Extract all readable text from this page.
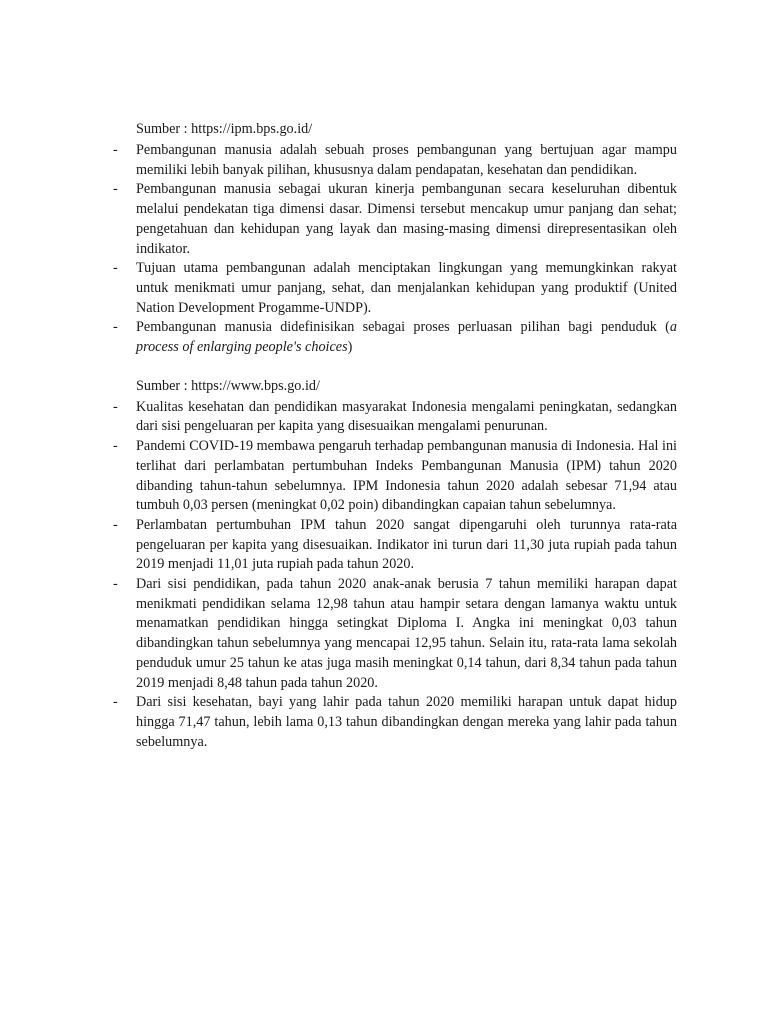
Sumber : https://ipm.bps.go.id/
- Pembangunan manusia adalah sebuah proses pembangunan yang bertujuan agar mampu memiliki lebih banyak pilihan, khususnya dalam pendapatan, kesehatan dan pendidikan.
- Pembangunan manusia sebagai ukuran kinerja pembangunan secara keseluruhan dibentuk melalui pendekatan tiga dimensi dasar. Dimensi tersebut mencakup umur panjang dan sehat; pengetahuan dan kehidupan yang layak dan masing-masing dimensi direpresentasikan oleh indikator.
- Tujuan utama pembangunan adalah menciptakan lingkungan yang memungkinkan rakyat untuk menikmati umur panjang, sehat, dan menjalankan kehidupan yang produktif (United Nation Development Progamme-UNDP).
- Pembangunan manusia didefinisikan sebagai proses perluasan pilihan bagi penduduk (a process of enlarging people's choices)
Sumber : https://www.bps.go.id/
- Kualitas kesehatan dan pendidikan masyarakat Indonesia mengalami peningkatan, sedangkan dari sisi pengeluaran per kapita yang disesuaikan mengalami penurunan.
- Pandemi COVID-19 membawa pengaruh terhadap pembangunan manusia di Indonesia. Hal ini terlihat dari perlambatan pertumbuhan Indeks Pembangunan Manusia (IPM) tahun 2020 dibanding tahun-tahun sebelumnya. IPM Indonesia tahun 2020 adalah sebesar 71,94 atau tumbuh 0,03 persen (meningkat 0,02 poin) dibandingkan capaian tahun sebelumnya.
- Perlambatan pertumbuhan IPM tahun 2020 sangat dipengaruhi oleh turunnya rata-rata pengeluaran per kapita yang disesuaikan. Indikator ini turun dari 11,30 juta rupiah pada tahun 2019 menjadi 11,01 juta rupiah pada tahun 2020.
- Dari sisi pendidikan, pada tahun 2020 anak-anak berusia 7 tahun memiliki harapan dapat menikmati pendidikan selama 12,98 tahun atau hampir setara dengan lamanya waktu untuk menamatkan pendidikan hingga setingkat Diploma I. Angka ini meningkat 0,03 tahun dibandingkan tahun sebelumnya yang mencapai 12,95 tahun. Selain itu, rata-rata lama sekolah penduduk umur 25 tahun ke atas juga masih meningkat 0,14 tahun, dari 8,34 tahun pada tahun 2019 menjadi 8,48 tahun pada tahun 2020.
- Dari sisi kesehatan, bayi yang lahir pada tahun 2020 memiliki harapan untuk dapat hidup hingga 71,47 tahun, lebih lama 0,13 tahun dibandingkan dengan mereka yang lahir pada tahun sebelumnya.
